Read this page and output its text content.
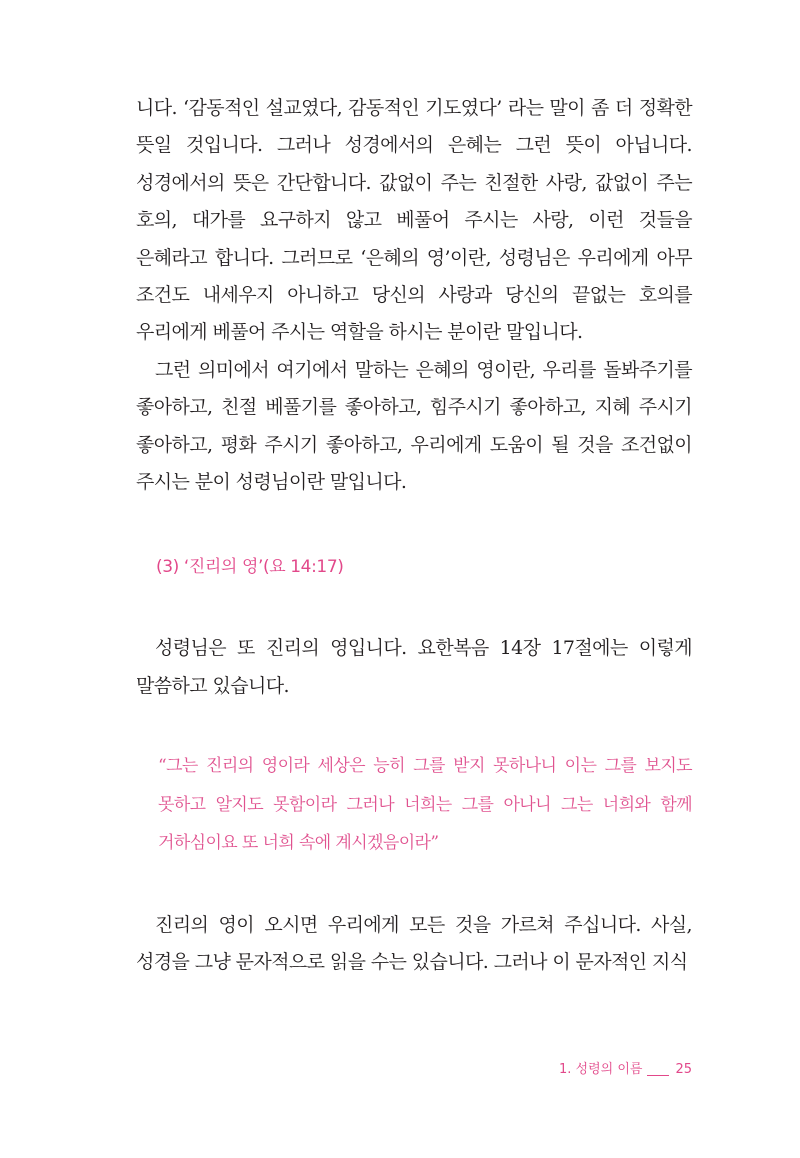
니다. ‘감동적인 설교였다, 감동적인 기도였다’ 라는 말이 좀 더 정확한 뜻일 것입니다. 그러나 성경에서의 은혜는 그런 뜻이 아닙니다. 성경에서의 뜻은 간단합니다. 값없이 주는 친절한 사랑, 값없이 주는 호의, 대가를 요구하지 않고 베풀어 주시는 사랑, 이런 것들을 은혜라고 합니다. 그러므로 ‘은혜의 영’이란, 성령님은 우리에게 아무 조건도 내세우지 아니하고 당신의 사랑과 당신의 끝없는 호의를 우리에게 베풀어 주시는 역할을 하시는 분이란 말입니다.

그런 의미에서 여기에서 말하는 은혜의 영이란, 우리를 돌봐주기를 좋아하고, 친절 베풀기를 좋아하고, 힘주시기 좋아하고, 지혜 주시기 좋아하고, 평화 주시기 좋아하고, 우리에게 도움이 될 것을 조건없이 주시는 분이 성령님이란 말입니다.

(3) ‘진리의 영’(요 14:17)

성령님은 또 진리의 영입니다. 요한복음 14장 17절에는 이렇게 말씀하고 있습니다.

“그는 진리의 영이라 세상은 능히 그를 받지 못하나니 이는 그를 보지도 못하고 알지도 못함이라 그러나 너희는 그를 아나니 그는 너희와 함께 거하심이요 또 너희 속에 계시겠음이라”

진리의 영이 오시면 우리에게 모든 것을 가르쳐 주십니다. 사실, 성경을 그냥 문자적으로 읽을 수는 있습니다. 그러나 이 문자적인 지식

1. 성령의 이름	25
